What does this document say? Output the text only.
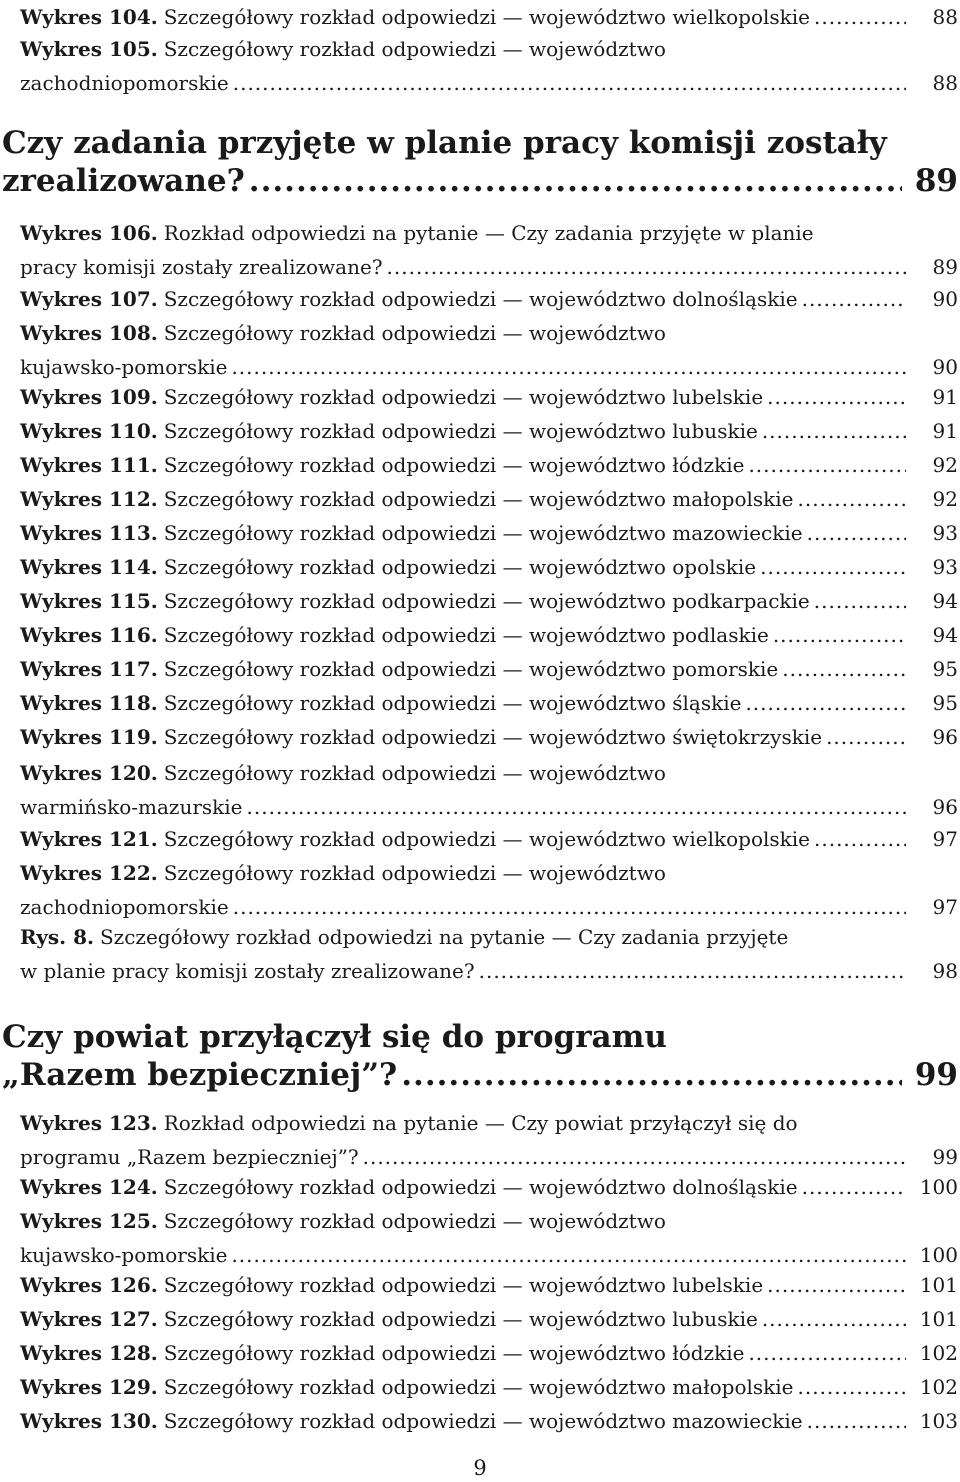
Wykres 104. Szczegółowy rozkład odpowiedzi — województwo wielkopolskie .....	88
Wykres 105. Szczegółowy rozkład odpowiedzi — województwo
zachodniopomorskie .....	88
Czy zadania przyjęte w planie pracy komisji zostały
zrealizowane? .....	89
Wykres 106. Rozkład odpowiedzi na pytanie — Czy zadania przyjęte w planie
pracy komisji zostały zrealizowane? .....	89
Wykres 107. Szczegółowy rozkład odpowiedzi — województwo dolnośląskie .....	90
Wykres 108. Szczegółowy rozkład odpowiedzi — województwo
kujawsko-pomorskie .....	90
Wykres 109. Szczegółowy rozkład odpowiedzi — województwo lubelskie .....	91
Wykres 110. Szczegółowy rozkład odpowiedzi — województwo lubuskie .....	91
Wykres 111. Szczegółowy rozkład odpowiedzi — województwo łódzkie .....	92
Wykres 112. Szczegółowy rozkład odpowiedzi — województwo małopolskie .....	92
Wykres 113. Szczegółowy rozkład odpowiedzi — województwo mazowieckie .....	93
Wykres 114. Szczegółowy rozkład odpowiedzi — województwo opolskie .....	93
Wykres 115. Szczegółowy rozkład odpowiedzi — województwo podkarpackie .....	94
Wykres 116. Szczegółowy rozkład odpowiedzi — województwo podlaskie .....	94
Wykres 117. Szczegółowy rozkład odpowiedzi — województwo pomorskie .....	95
Wykres 118. Szczegółowy rozkład odpowiedzi — województwo śląskie .....	95
Wykres 119. Szczegółowy rozkład odpowiedzi — województwo świętokrzyskie .....	96
Wykres 120. Szczegółowy rozkład odpowiedzi — województwo
warmińsko-mazurskie .....	96
Wykres 121. Szczegółowy rozkład odpowiedzi — województwo wielkopolskie .....	97
Wykres 122. Szczegółowy rozkład odpowiedzi — województwo
zachodniopomorskie .....	97
Rys. 8. Szczegółowy rozkład odpowiedzi na pytanie — Czy zadania przyjęte
w planie pracy komisji zostały zrealizowane? .....	98
Czy powiat przyłączył się do programu
„Razem bezpieczniej”? .....	99
Wykres 123. Rozkład odpowiedzi na pytanie — Czy powiat przyłączył się do
programu „Razem bezpieczniej”? .....	99
Wykres 124. Szczegółowy rozkład odpowiedzi — województwo dolnośląskie .....	100
Wykres 125. Szczegółowy rozkład odpowiedzi — województwo
kujawsko-pomorskie .....	100
Wykres 126. Szczegółowy rozkład odpowiedzi — województwo lubelskie .....	101
Wykres 127. Szczegółowy rozkład odpowiedzi — województwo lubuskie .....	101
Wykres 128. Szczegółowy rozkład odpowiedzi — województwo łódzkie .....	102
Wykres 129. Szczegółowy rozkład odpowiedzi — województwo małopolskie .....	102
Wykres 130. Szczegółowy rozkład odpowiedzi — województwo mazowieckie .....	103
9
